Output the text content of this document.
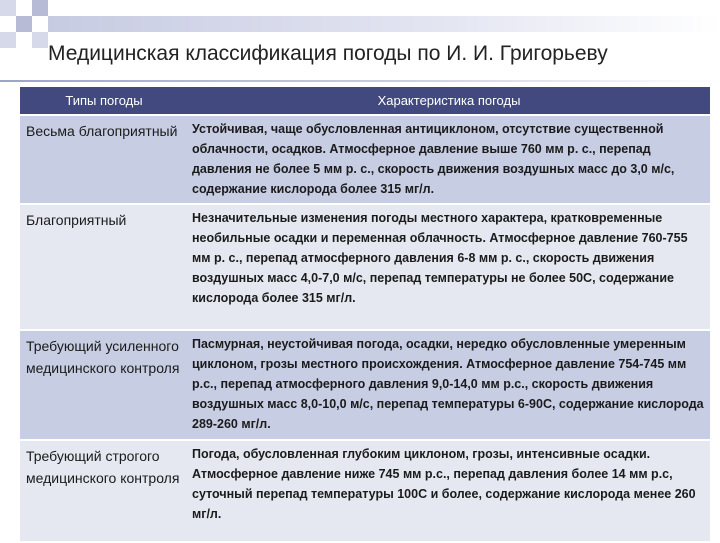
Медицинская классификация погоды по И. И. Григорьеву
Типы погоды	Характеристика погоды
Весьма благоприятный	Устойчивая, чаще обусловленная антициклоном, отсутствие существенной облачности, осадков. Атмосферное давление выше 760 мм р. с., перепад давления не более 5 мм р. с., скорость движения воздушных масс до 3,0 м/с, содержание кислорода более 315 мг/л.
Благоприятный	Незначительные изменения погоды местного характера, кратковременные необильные осадки и переменная облачность. Атмосферное давление 760-755 мм р. с., перепад атмосферного давления 6-8 мм р. с., скорость движения воздушных масс 4,0-7,0 м/с, перепад температуры не более 50С, содержание кислорода более 315 мг/л.
Требующий усиленного медицинского контроля	Пасмурная, неустойчивая погода, осадки, нередко обусловленные умеренным циклоном, грозы местного происхождения. Атмосферное давление 754-745 мм р.с., перепад атмосферного давления 9,0-14,0 мм р.с., скорость движения воздушных масс 8,0-10,0 м/с, перепад температуры 6-90С, содержание кислорода 289-260 мг/л.
Требующий строгого медицинского контроля	Погода, обусловленная глубоким циклоном, грозы, интенсивные осадки. Атмосферное давление ниже 745 мм р.с., перепад давления более 14 мм р.с, суточный перепад температуры 100С и более, содержание кислорода менее 260 мг/л.
